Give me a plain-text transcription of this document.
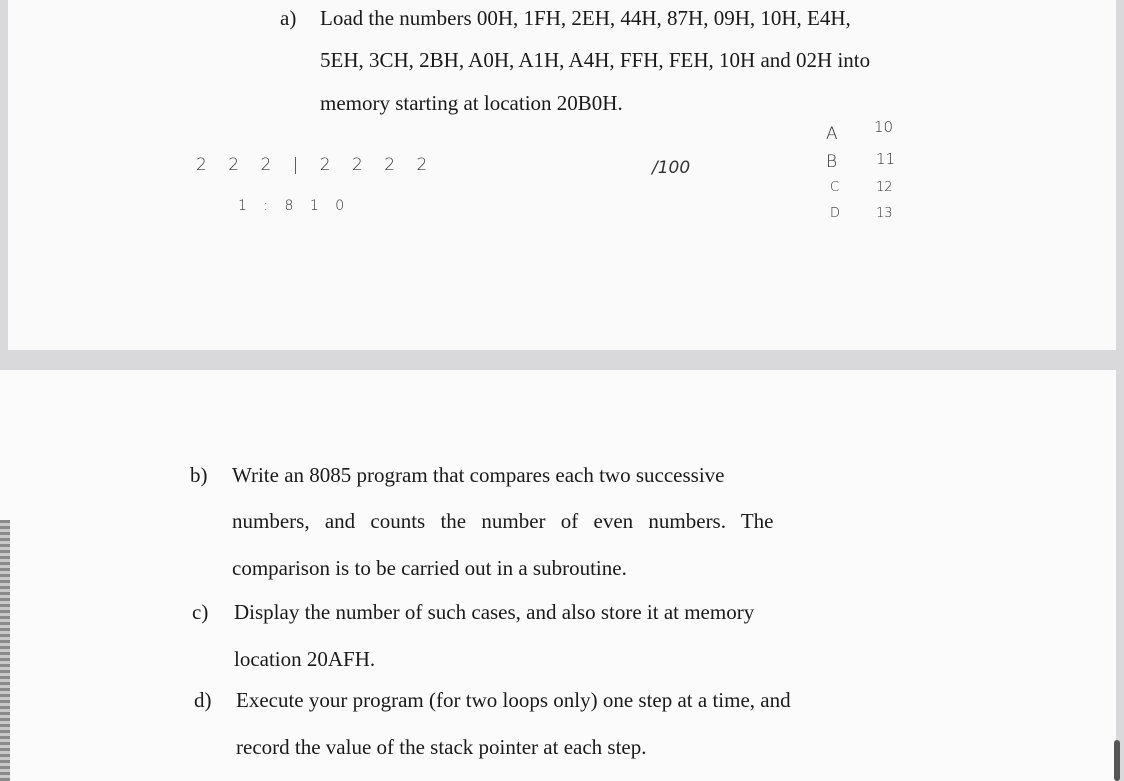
a) Load the numbers 00H, 1FH, 2EH, 44H, 87H, 09H, 10H, E4H,
5EH, 3CH, 2BH, A0H, A1H, A4H, FFH, FEH, 10H and 02H into
memory starting at location 20B0H.
2 2 2 | 2 2 2 2
1 : 8 1 0
/100
A 10
B	11
C	12
D	13
b) Write an 8085 program that compares each two successive
numbers, and counts the number of even numbers. The
comparison is to be carried out in a subroutine.
c) Display the number of such cases, and also store it at memory
location 20AFH.
d) Execute your program (for two loops only) one step at a time, and
record the value of the stack pointer at each step.
